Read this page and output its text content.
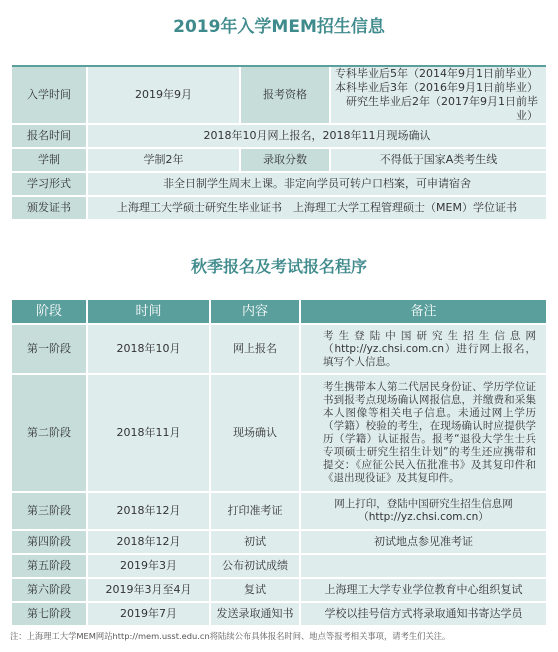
2019年入学MEM招生信息
入学时间	2019年9月	报考资格	专科毕业后5年（2014年9月1日前毕业）
本科毕业后3年（2016年9月1日前毕业）
研究生毕业后2年（2017年9月1日前毕业）

报名时间	2018年10月网上报名，2018年11月现场确认		
学制	学制2年	录取分数	不得低于国家A类考生线
学习形式	非全日制学生周末上课。非定向学员可转户口档案，可申请宿舍		
颁发证书	上海理工大学硕士研究生毕业证书　上海理工大学工程管理硕士（MEM）学位证书		
秋季报名及考试报名程序
阶段	时间	内容	备注
第一阶段	2018年10月	网上报名	考生登陆中国研究生招生信息网（http://yz.chsi.com.cn）进行网上报名，填写个人信息。
第二阶段	2018年11月	现场确认	考生携带本人第二代居民身份证、学历学位证书到报考点现场确认网报信息，并缴费和采集本人图像等相关电子信息。未通过网上学历（学籍）校验的考生，在现场确认时应提供学历（学籍）认证报告。报考“退役大学生士兵专项硕士研究生招生计划”的考生还应携带和提交：《应征公民入伍批准书》及其复印件和《退出现役证》及其复印件。
第三阶段	2018年12月	打印准考证	网上打印，登陆中国研究生招生信息网（http://yz.chsi.com.cn）
第四阶段	2018年12月	初试	初试地点参见准考证
第五阶段	2019年3月	公布初试成绩	
第六阶段	2019年3月至4月	复试	上海理工大学专业学位教育中心组织复试
第七阶段	2019年7月	发送录取通知书	学校以挂号信方式将录取通知书寄达学员
注：上海理工大学MEM网站http://mem.usst.edu.cn将陆续公布具体报名时间、地点等报考相关事项，请考生们关注。
